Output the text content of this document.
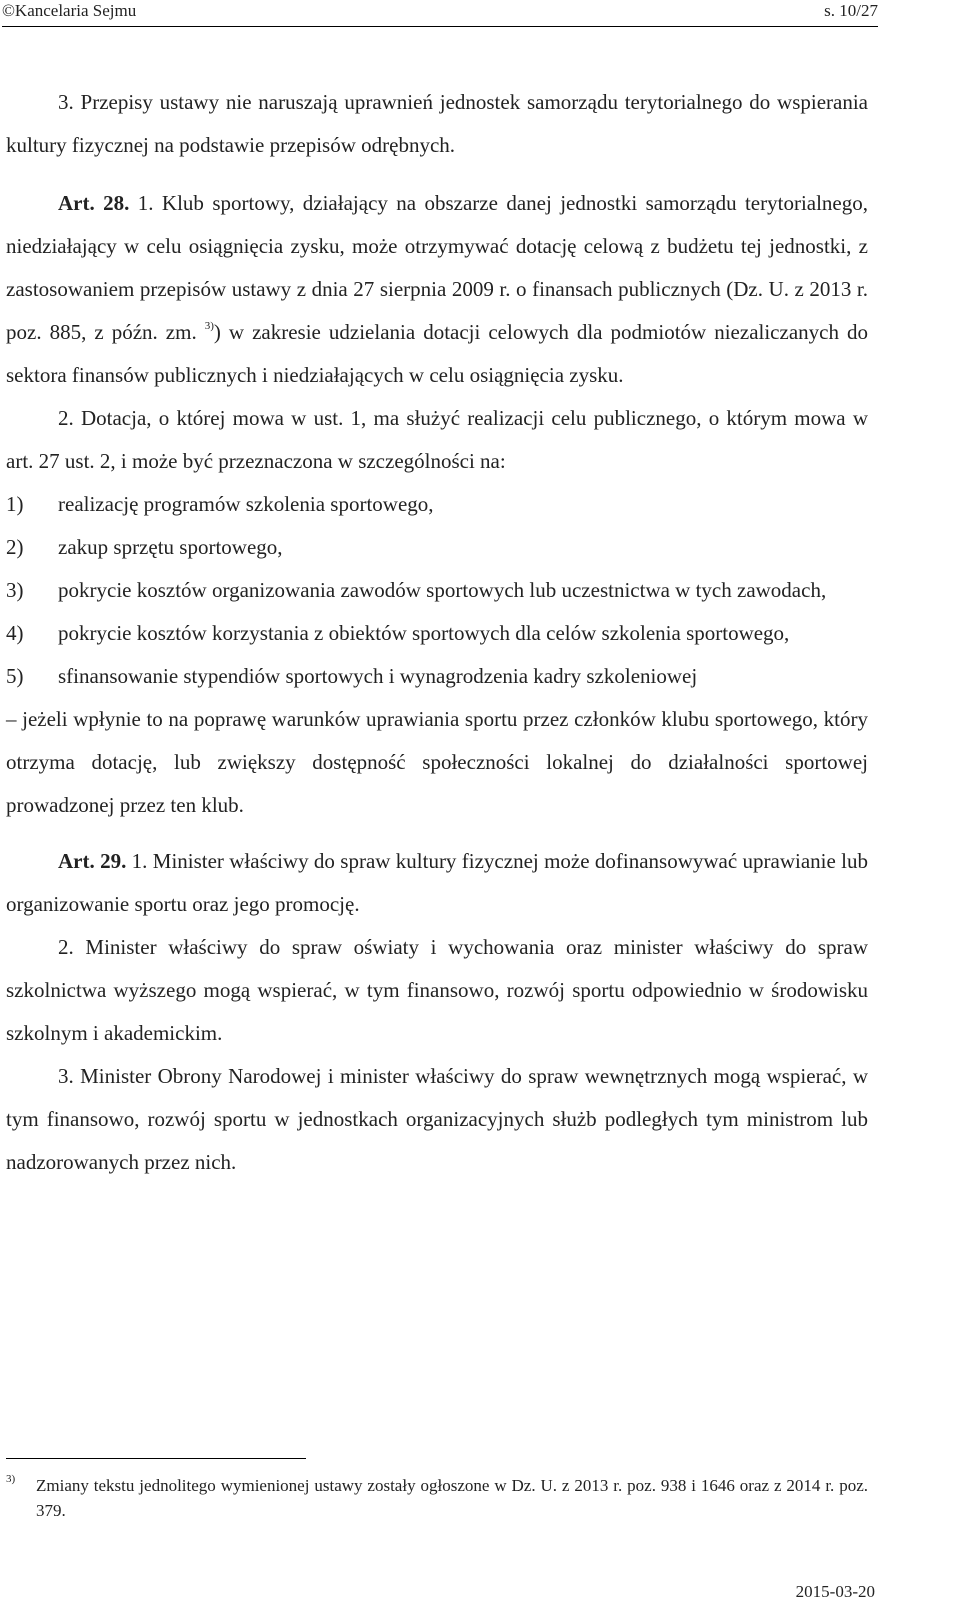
©Kancelaria Sejmu	s. 10/27

3. Przepisy ustawy nie naruszają uprawnień jednostek samorządu terytorialnego do wspierania kultury fizycznej na podstawie przepisów odrębnych.

Art. 28. 1. Klub sportowy, działający na obszarze danej jednostki samorządu terytorialnego, niedziałający w celu osiągnięcia zysku, może otrzymywać dotację celową z budżetu tej jednostki, z zastosowaniem przepisów ustawy z dnia 27 sierpnia 2009 r. o finansach publicznych (Dz. U. z 2013 r. poz. 885, z późn. zm. $^{3)}$) w zakresie udzielania dotacji celowych dla podmiotów niezaliczanych do sektora finansów publicznych i niedziałających w celu osiągnięcia zysku.

2. Dotacja, o której mowa w ust. 1, ma służyć realizacji celu publicznego, o którym mowa w art. 27 ust. 2, i może być przeznaczona w szczególności na:

1) realizację programów szkolenia sportowego,
2) zakup sprzętu sportowego,
3) pokrycie kosztów organizowania zawodów sportowych lub uczestnictwa w tych zawodach,
4) pokrycie kosztów korzystania z obiektów sportowych dla celów szkolenia sportowego,
5) sfinansowanie stypendiów sportowych i wynagrodzenia kadry szkoleniowej

– jeżeli wpłynie to na poprawę warunków uprawiania sportu przez członków klubu sportowego, który otrzyma dotację, lub zwiększy dostępność społeczności lokalnej do działalności sportowej prowadzonej przez ten klub.

Art. 29. 1. Minister właściwy do spraw kultury fizycznej może dofinansowywać uprawianie lub organizowanie sportu oraz jego promocję.

2. Minister właściwy do spraw oświaty i wychowania oraz minister właściwy do spraw szkolnictwa wyższego mogą wspierać, w tym finansowo, rozwój sportu odpowiednio w środowisku szkolnym i akademickim.

3. Minister Obrony Narodowej i minister właściwy do spraw wewnętrznych mogą wspierać, w tym finansowo, rozwój sportu w jednostkach organizacyjnych służb podległych tym ministrom lub nadzorowanych przez nich.

3) Zmiany tekstu jednolitego wymienionej ustawy zostały ogłoszone w Dz. U. z 2013 r. poz. 938 i 1646 oraz z 2014 r. poz. 379.
2015-03-20
